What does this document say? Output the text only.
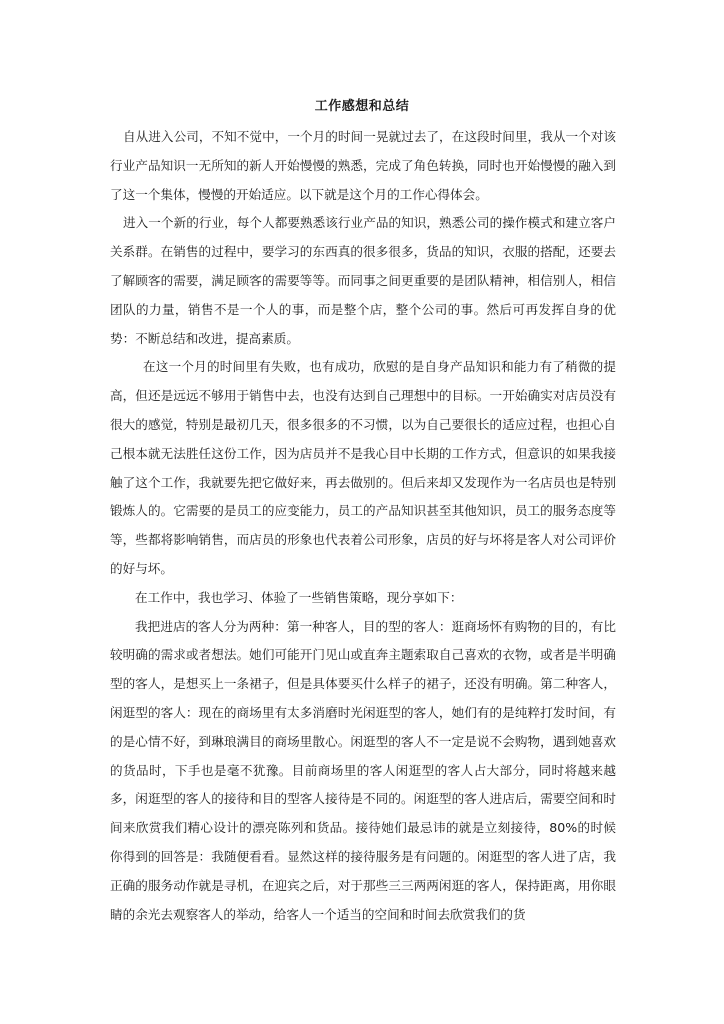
工作感想和总结

自从进入公司，不知不觉中，一个月的时间一晃就过去了，在这段时间里，我从一个对该行业产品知识一无所知的新人开始慢慢的熟悉，完成了角色转换，同时也开始慢慢的融入到了这一个集体，慢慢的开始适应。以下就是这个月的工作心得体会。

进入一个新的行业，每个人都要熟悉该行业产品的知识，熟悉公司的操作模式和建立客户关系群。在销售的过程中，要学习的东西真的很多很多，货品的知识，衣服的搭配，还要去了解顾客的需要，满足顾客的需要等等。而同事之间更重要的是团队精神，相信别人，相信团队的力量，销售不是一个人的事，而是整个店，整个公司的事。然后可再发挥自身的优势：不断总结和改进，提高素质。

在这一个月的时间里有失败，也有成功，欣慰的是自身产品知识和能力有了稍微的提高，但还是远远不够用于销售中去，也没有达到自己理想中的目标。一开始确实对店员没有很大的感觉，特别是最初几天，很多很多的不习惯，以为自己要很长的适应过程，也担心自己根本就无法胜任这份工作，因为店员并不是我心目中长期的工作方式，但意识的如果我接触了这个工作，我就要先把它做好来，再去做别的。但后来却又发现作为一名店员也是特别锻炼人的。它需要的是员工的应变能力，员工的产品知识甚至其他知识，员工的服务态度等等，些都将影响销售，而店员的形象也代表着公司形象，店员的好与坏将是客人对公司评价的好与坏。

在工作中，我也学习、体验了一些销售策略，现分享如下：

我把进店的客人分为两种：第一种客人，目的型的客人：逛商场怀有购物的目的，有比较明确的需求或者想法。她们可能开门见山或直奔主题索取自己喜欢的衣物，或者是半明确型的客人，是想买上一条裙子，但是具体要买什么样子的裙子，还没有明确。第二种客人，闲逛型的客人：现在的商场里有太多消磨时光闲逛型的客人，她们有的是纯粹打发时间，有的是心情不好，到琳琅满目的商场里散心。闲逛型的客人不一定是说不会购物，遇到她喜欢的货品时，下手也是毫不犹豫。目前商场里的客人闲逛型的客人占大部分，同时将越来越多，闲逛型的客人的接待和目的型客人接待是不同的。闲逛型的客人进店后，需要空间和时间来欣赏我们精心设计的漂亮陈列和货品。接待她们最忌讳的就是立刻接待，80%的时候你得到的回答是：我随便看看。显然这样的接待服务是有问题的。闲逛型的客人进了店，我正确的服务动作就是寻机，在迎宾之后，对于那些三三两两闲逛的客人，保持距离，用你眼睛的余光去观察客人的举动，给客人一个适当的空间和时间去欣赏我们的货
